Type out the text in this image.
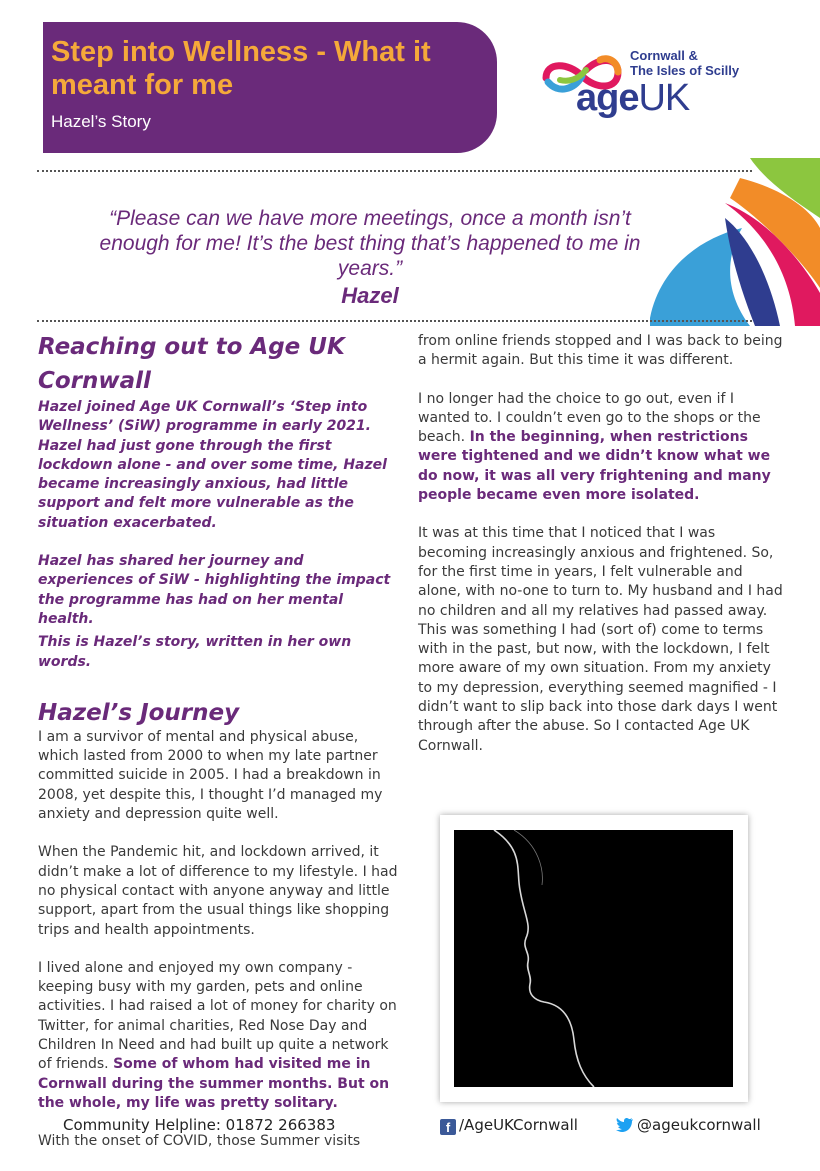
Step into Wellness - What it meant for me
Hazel’s Story
Cornwall &
The Isles of Scilly
ageUK
“Please can we have more meetings, once a month isn’t enough for me! It’s the best thing that’s happened to me in years.”
Hazel
Reaching out to Age UK Cornwall

Hazel joined Age UK Cornwall’s ‘Step into Wellness’ (SiW) programme in early 2021. Hazel had just gone through the first lockdown alone - and over some time, Hazel became increasingly anxious, had little support and felt more vulnerable as the situation exacerbated.

Hazel has shared her journey and experiences of SiW - highlighting the impact the programme has had on her mental health.

This is Hazel’s story, written in her own words.

Hazel’s Journey

I am a survivor of mental and physical abuse, which lasted from 2000 to when my late partner committed suicide in 2005. I had a breakdown in 2008, yet despite this, I thought I’d managed my anxiety and depression quite well.

When the Pandemic hit, and lockdown arrived, it didn’t make a lot of difference to my lifestyle. I had no physical contact with anyone anyway and little support, apart from the usual things like shopping trips and health appointments.

I lived alone and enjoyed my own company - keeping busy with my garden, pets and online activities. I had raised a lot of money for charity on Twitter, for animal charities, Red Nose Day and Children In Need and had built up quite a network of friends. Some of whom had visited me in Cornwall during the summer months. But on the whole, my life was pretty solitary.

With the onset of COVID, those Summer visits

from online friends stopped and I was back to being a hermit again. But this time it was different.

I no longer had the choice to go out, even if I wanted to. I couldn’t even go to the shops or the beach. In the beginning, when restrictions were tightened and we didn’t know what we do now, it was all very frightening and many people became even more isolated.

It was at this time that I noticed that I was becoming increasingly anxious and frightened. So, for the first time in years, I felt vulnerable and alone, with no-one to turn to. My husband and I had no children and all my relatives had passed away. This was something I had (sort of) come to terms with in the past, but now, with the lockdown, I felt more aware of my own situation. From my anxiety to my depression, everything seemed magnified - I didn’t want to slip back into those dark days I went through after the abuse. So I contacted Age UK Cornwall.

Community Helpline: 01872 266383	f /AgeUKCornwall	@ageukcornwall
